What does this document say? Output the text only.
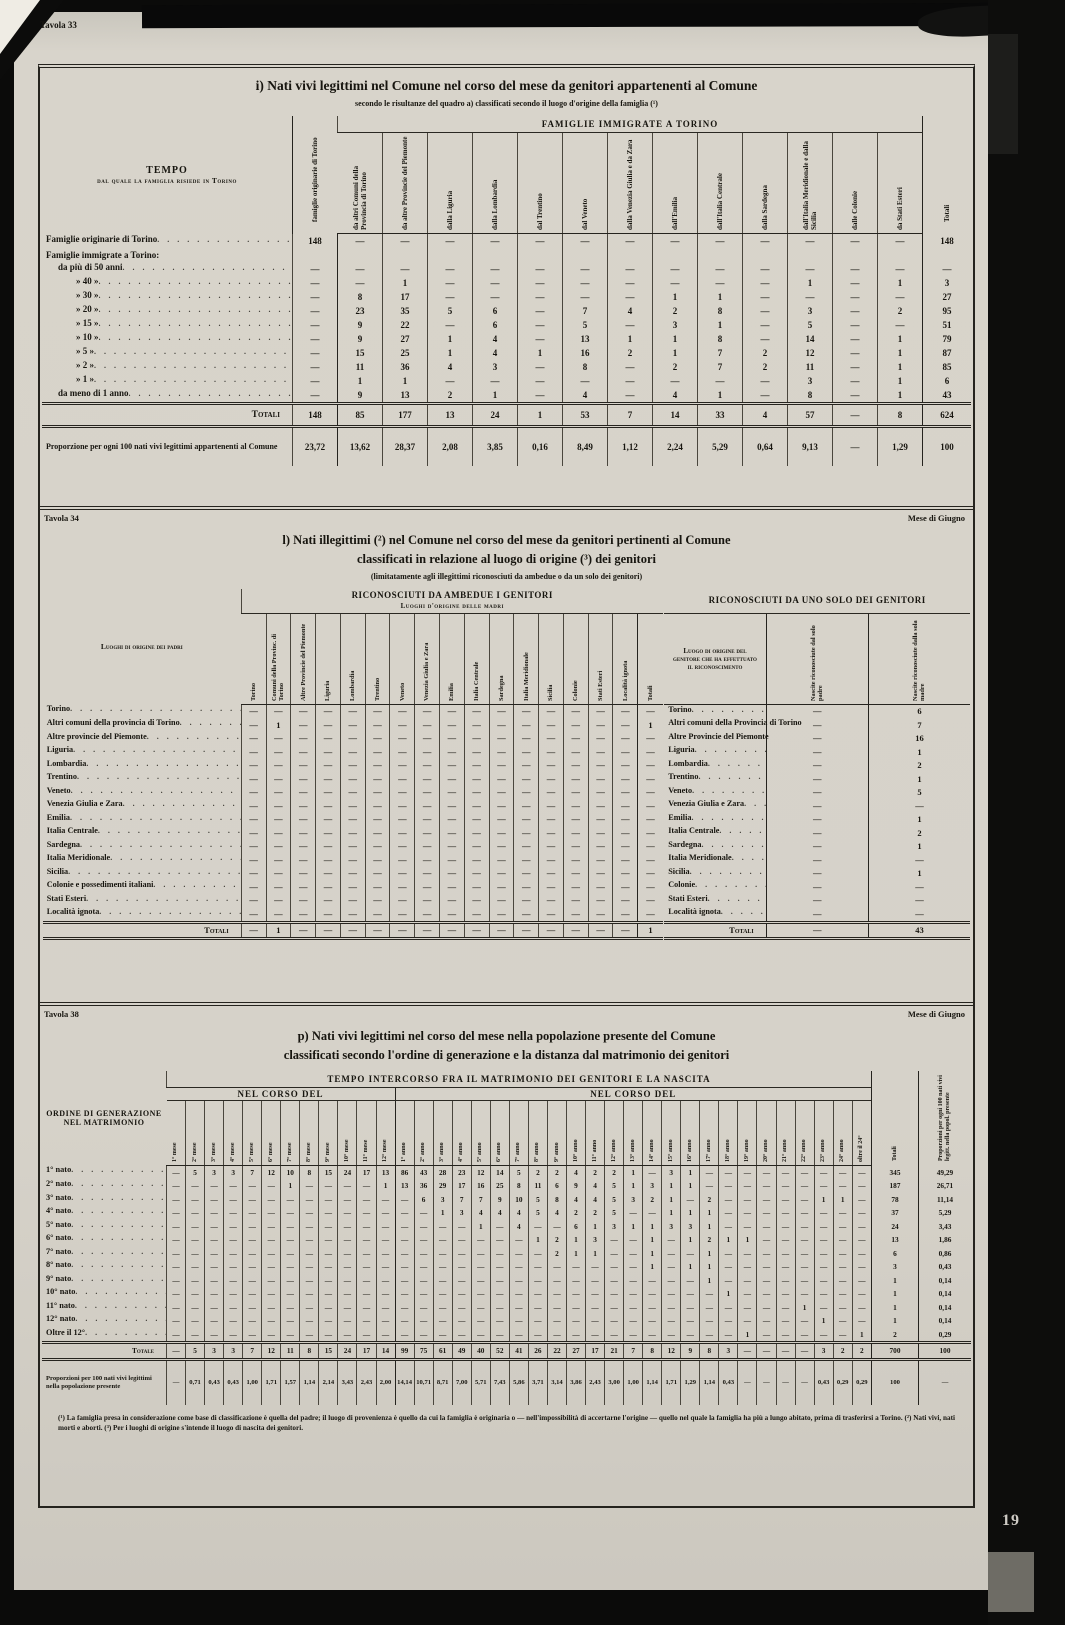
Tavola 33
i) Nati vivi legittimi nel Comune nel corso del mese da genitori appartenenti al Comune
secondo le risultanze del quadro a) classificati secondo il luogo d'origine della famiglia (¹)
TEMPO
dal quale la famiglia risiede in Torino	famiglie originarie di Torino	FAMIGLIE IMMIGRATE A TORINO													Totali

		da altri Comuni della Provincia di Torino	da altre Provincie del Piemonte	dalla Liguria	dalla Lombardia	dal Trentino	dal Veneto	dalla Venezia Giulia e da Zara	dall'Emilia	dall'Italia Centrale	dalla Sardegna	dall'Italia Meridionale e dalla Sicilia	dalle Colonie	da Stati Esteri	

Famiglie originarie di Torino . . .	148	—	—	—	—	—	—	—	—	—	—	—	—	—	148
Famiglie immigrate a Torino:															

da più di 50 anni . . .	—	—	—	—	—	—	—	—	—	—	—	—	—	—	—

» 40 » . . .	—	—	1	—	—	—	—	—	—	—	—	1	—	1	3

» 30 » . . .	—	8	17	—	—	—	—	—	1	1	—	—	—	—	27

» 20 » . . .	—	23	35	5	6	—	7	4	2	8	—	3	—	2	95

» 15 » . . .	—	9	22	—	6	—	5	—	3	1	—	5	—	—	51

» 10 » . . .	—	9	27	1	4	—	13	1	1	8	—	14	—	1	79

» 5 » . . .	—	15	25	1	4	1	16	2	1	7	2	12	—	1	87

» 2 » . . .	—	11	36	4	3	—	8	—	2	7	2	11	—	1	85

» 1 » . . .	—	1	1	—	—	—	—	—	—	—	—	3	—	1	6

da meno di 1 anno . . .	—	9	13	2	1	—	4	—	4	1	—	8	—	1	43
Totali	148	85	177	13	24	1	53	7	14	33	4	57	—	8	624
Proporzione per ogni 100 nati vivi legittimi appartenenti al Comune	23,72	13,62	28,37	2,08	3,85	0,16	8,49	1,12	2,24	5,29	0,64	9,13	—	1,29	100
Tavola 34	Mese di Giugno
l) Nati illegittimi (²) nel Comune nel corso del mese da genitori pertinenti al Comune
classificati in relazione al luogo di origine (³) dei genitori
(limitatamente agli illegittimi riconosciuti da ambedue o da un solo dei genitori)
Luoghi di origine dei padri	RICONOSCIUTI DA AMBEDUE I GENITORI
Luoghi d'origine delle madri																

	Torino	Comuni della Provinc. di Torino	Altre Provincie del Piemonte	Liguria	Lombardia	Trentino	Veneto	Venezia Giulia e Zara	Emilia	Italia Centrale	Sardegna	Italia Meridionale	Sicilia	Colonie	Stati Esteri	Località ignota	Totali

Torino . . .	—	—	—	—	—	—	—	—	—	—	—	—	—	—	—	—	—

Altri comuni della provincia di Torino . . .	—	1	—	—	—	—	—	—	—	—	—	—	—	—	—	—	1

Altre provincie del Piemonte . . .	—	—	—	—	—	—	—	—	—	—	—	—	—	—	—	—	—

Liguria . . .	—	—	—	—	—	—	—	—	—	—	—	—	—	—	—	—	—

Lombardia . . .	—	—	—	—	—	—	—	—	—	—	—	—	—	—	—	—	—

Trentino . . .	—	—	—	—	—	—	—	—	—	—	—	—	—	—	—	—	—

Veneto . . .	—	—	—	—	—	—	—	—	—	—	—	—	—	—	—	—	—

Venezia Giulia e Zara . . .	—	—	—	—	—	—	—	—	—	—	—	—	—	—	—	—	—

Emilia . . .	—	—	—	—	—	—	—	—	—	—	—	—	—	—	—	—	—

Italia Centrale . . .	—	—	—	—	—	—	—	—	—	—	—	—	—	—	—	—	—

Sardegna . . .	—	—	—	—	—	—	—	—	—	—	—	—	—	—	—	—	—

Italia Meridionale . . .	—	—	—	—	—	—	—	—	—	—	—	—	—	—	—	—	—

Sicilia . . .	—	—	—	—	—	—	—	—	—	—	—	—	—	—	—	—	—

Colonie e possedimenti italiani . . .	—	—	—	—	—	—	—	—	—	—	—	—	—	—	—	—	—

Stati Esteri . . .	—	—	—	—	—	—	—	—	—	—	—	—	—	—	—	—	—

Località ignota . . .	—	—	—	—	—	—	—	—	—	—	—	—	—	—	—	—	—
Totali	—	1	—	—	—	—	—	—	—	—	—	—	—	—	—	—	1
RICONOSCIUTI DA UNO SOLO DEI GENITORI		
Luogo di origine del genitore che ha effettuato il riconoscimento	Nascite riconosciute dal solo padre	Nascite riconosciute dalla sola madre

Torino . . .	—	6

Altri comuni della Provincia di Torino —	7

Altre Provincie del Piemonte	—	16

Liguria . . .	—	1

Lombardia . . .	—	2

Trentino . . .	—	1

Veneto . . .	—	5

Venezia Giulia e Zara . . .	—	—

Emilia . . .	—	1

Italia Centrale . . .	—	2

Sardegna . . .	—	1

Italia Meridionale . . .	—	—

Sicilia . . .	—	1

Colonie . . .	—	—

Stati Esteri . . .	—	—

Località ignota . . .	—	—
Totali	—	43
Tavola 38	Mese di Giugno
p) Nati vivi legittimi nel corso del mese nella popolazione presente del Comune
classificati secondo l'ordine di generazione e la distanza dal matrimonio dei genitori
ORDINE DI GENERAZIONE NEL MATRIMONIO	TEMPO INTERCORSO FRA IL MATRIMONIO DEI GENITORI E LA NASCITA																																					Totali	Proporzioni per ogni 100 nati vivi legitt. nella popol. presente

	NEL CORSO DEL												NEL CORSO DEL																										

	1° mese	2° mese	3° mese	4° mese	5° mese	6° mese	7° mese	8° mese	9° mese	10° mese	11° mese	12° mese	1° anno	2° anno	3° anno	4° anno	5° anno	6° anno	7° anno	8° anno	9° anno	10° anno	11° anno	12° anno	13° anno	14° anno	15° anno	16° anno	17° anno	18° anno	19° anno	20° anno	21° anno	22° anno	23° anno	24° anno	oltre il 24°		

1° nato . . .	—	5	3	3	7	12	10	8	15	24	17	13	86	43	28	23	12	14	5	2	2	4	2	2	1	—	3	1	—	—	—	—	—	—	—	—	—	345	49,29

2° nato . . .	—	—	—	—	—	—	1	—	—	—	—	1	13	36	29	17	16	25	8	11	6	9	4	5	1	3	1	1	—	—	—	—	—	—	—	—	—	187	26,71

3° nato . . .	—	—	—	—	—	—	—	—	—	—	—	—	—	6	3	7	7	9	10	5	8	4	4	5	3	2	1	—	2	—	—	—	—	—	1	1	—	78	11,14

4° nato . . .	—	—	—	—	—	—	—	—	—	—	—	—	—	—	1	3	4	4	4	5	4	2	2	5	—	—	1	1	1	—	—	—	—	—	—	—	—	37	5,29

5° nato . . .	—	—	—	—	—	—	—	—	—	—	—	—	—	—	—	—	1	—	4	—	—	6	1	3	1	1	3	3	1	—	—	—	—	—	—	—	—	24	3,43

6° nato . . .	—	—	—	—	—	—	—	—	—	—	—	—	—	—	—	—	—	—	—	1	2	1	3	—	—	1	—	1	2	1	1	—	—	—	—	—	—	13	1,86

7° nato . . .	—	—	—	—	—	—	—	—	—	—	—	—	—	—	—	—	—	—	—	—	2	1	1	—	—	1	—	—	1	—	—	—	—	—	—	—	—	6	0,86

8° nato . . .	—	—	—	—	—	—	—	—	—	—	—	—	—	—	—	—	—	—	—	—	—	—	—	—	—	1	—	1	1	—	—	—	—	—	—	—	—	3	0,43

9° nato . . .	—	—	—	—	—	—	—	—	—	—	—	—	—	—	—	—	—	—	—	—	—	—	—	—	—	—	—	—	1	—	—	—	—	—	—	—	—	1	0,14

10° nato . . .	—	—	—	—	—	—	—	—	—	—	—	—	—	—	—	—	—	—	—	—	—	—	—	—	—	—	—	—	—	1	—	—	—	—	—	—	—	1	0,14

11° nato . . .	—	—	—	—	—	—	—	—	—	—	—	—	—	—	—	—	—	—	—	—	—	—	—	—	—	—	—	—	—	—	—	—	—	1	—	—	—	1	0,14

12° nato . . .	—	—	—	—	—	—	—	—	—	—	—	—	—	—	—	—	—	—	—	—	—	—	—	—	—	—	—	—	—	—	—	—	—	—	1	—	—	1	0,14

Oltre il 12° . . .	—	—	—	—	—	—	—	—	—	—	—	—	—	—	—	—	—	—	—	—	—	—	—	—	—	—	—	—	—	—	1	—	—	—	—	—	1	2	0,29
Totale	—	5	3	3	7	12	11	8	15	24	17	14	99	75	61	49	40	52	41	26	22	27	17	21	7	8	12	9	8	3	—	—	—	—	3	2	2	700	100
Proporzioni per 100 nati vivi legittimi nella popolazione presente	—	0,71	0,43	0,43	1,00	1,71	1,57	1,14	2,14	3,43	2,43	2,00	14,14	10,71	8,71	7,00	5,71	7,43	5,86	3,71	3,14	3,86	2,43	3,00	1,00	1,14	1,71	1,29	1,14	0,43	—	—	—	—	0,43	0,29	0,29	100	—
(¹) La famiglia presa in considerazione come base di classificazione è quella del padre; il luogo di provenienza è quello da cui la famiglia è originaria o — nell'impossibilità di accertarne l'origine — quello nel quale la famiglia ha più a lungo abitato, prima di trasferirsi a Torino. (²) Nati vivi, nati morti e aborti. (³) Per i luoghi di origine s'intende il luogo di nascita dei genitori.
19
